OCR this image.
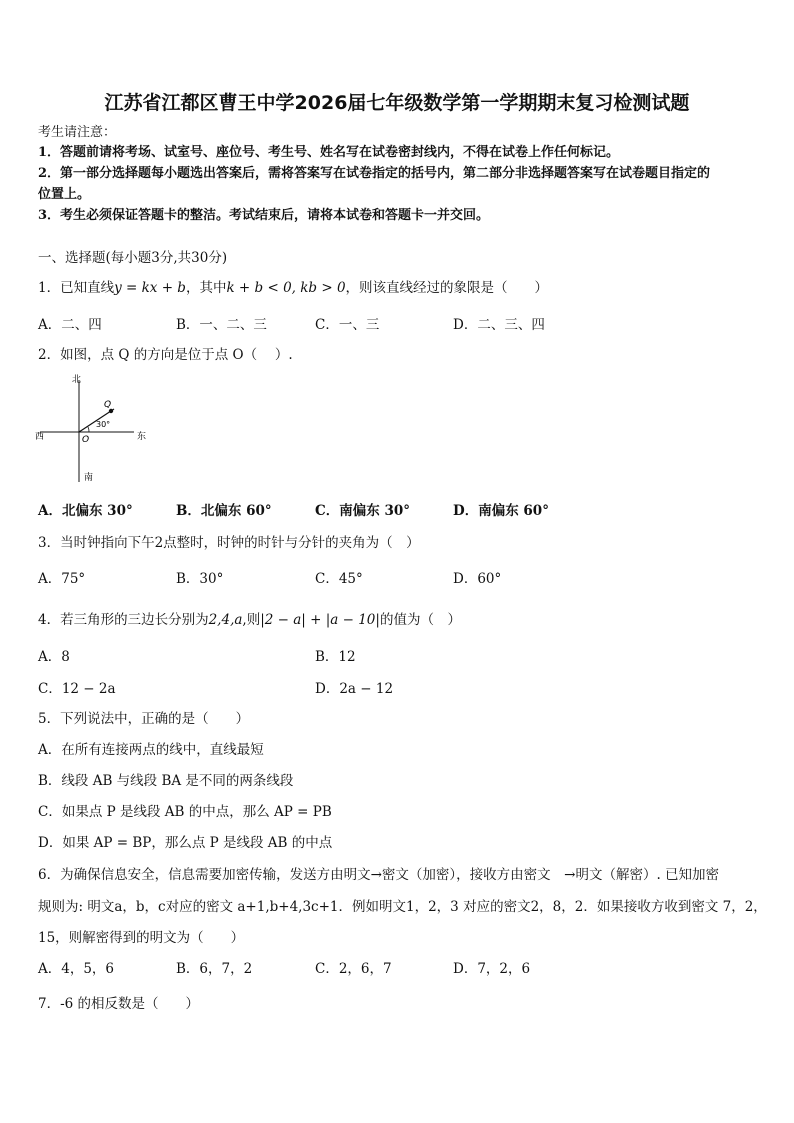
江苏省江都区曹王中学2026届七年级数学第一学期期末复习检测试题
考生请注意：
1．答题前请将考场、试室号、座位号、考生号、姓名写在试卷密封线内，不得在试卷上作任何标记。
2．第一部分选择题每小题选出答案后，需将答案写在试卷指定的括号内，第二部分非选择题答案写在试卷题目指定的
位置上。
3．考生必须保证答题卡的整洁。考试结束后，请将本试卷和答题卡一并交回。
一、选择题(每小题3分,共30分)
1．已知直线y = kx + b，其中k + b < 0, kb > 0，则该直线经过的象限是（　　）
A．二、四	B．一、二、三	C．一、三	D．二、三、四
2．如图，点 Q 的方向是位于点 O（　 ）.
北
南
西	东
O
Q
30°
A．北偏东 30°	B．北偏东 60°	C．南偏东 30°	D．南偏东 60°
3．当时钟指向下午2点整时，时钟的时针与分针的夹角为（　）
A．75°	B．30°	C．45°	D．60°
4．若三角形的三边长分别为2,4,a,则|2 − a| + |a − 10|的值为（　）
A．8	B．12
C．12 − 2a	D．2a − 12
5．下列说法中，正确的是（　　）
A．在所有连接两点的线中，直线最短
B．线段 AB 与线段 BA 是不同的两条线段
C．如果点 P 是线段 AB 的中点，那么 AP = PB
D．如果 AP = BP，那么点 P 是线段 AB 的中点
6．为确保信息安全，信息需要加密传输，发送方由明文→密文（加密），接收方由密文　→明文（解密）. 已知加密
规则为: 明文a，b，c对应的密文 a+1,b+4,3c+1．例如明文1，2，3 对应的密文2，8，2．如果接收方收到密文 7，2，
15，则解密得到的明文为（　　）
A．4，5，6	B．6，7，2	C．2，6，7	D．7，2，6
7．-6 的相反数是（　　）
